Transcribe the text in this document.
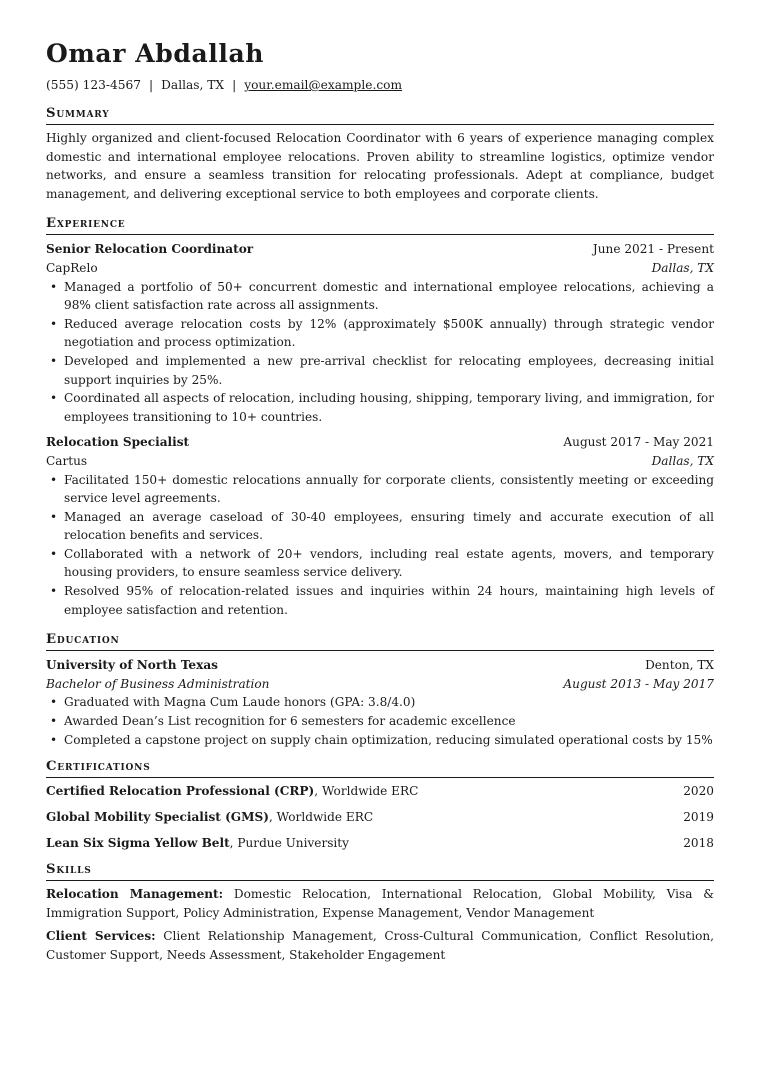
Omar Abdallah
(555) 123-4567 | Dallas, TX | your.email@example.com
Summary
Highly organized and client-focused Relocation Coordinator with 6 years of experience managing complex domestic and international employee relocations. Proven ability to streamline logistics, optimize vendor networks, and ensure a seamless transition for relocating professionals. Adept at compliance, budget management, and delivering exceptional service to both employees and corporate clients.
Experience
Senior Relocation Coordinator	June 2021 - Present
CapRelo	Dallas, TX
• Managed a portfolio of 50+ concurrent domestic and international employee relocations, achieving a 98% client satisfaction rate across all assignments.
• Reduced average relocation costs by 12% (approximately $500K annually) through strategic vendor negotiation and process optimization.
• Developed and implemented a new pre-arrival checklist for relocating employees, decreasing initial support inquiries by 25%.
• Coordinated all aspects of relocation, including housing, shipping, temporary living, and immigration, for employees transitioning to 10+ countries.
Relocation Specialist	August 2017 - May 2021
Cartus	Dallas, TX
• Facilitated 150+ domestic relocations annually for corporate clients, consistently meeting or exceeding service level agreements.
• Managed an average caseload of 30-40 employees, ensuring timely and accurate execution of all relocation benefits and services.
• Collaborated with a network of 20+ vendors, including real estate agents, movers, and temporary housing providers, to ensure seamless service delivery.
• Resolved 95% of relocation-related issues and inquiries within 24 hours, maintaining high levels of employee satisfaction and retention.
Education
University of North Texas	Denton, TX
Bachelor of Business Administration	August 2013 - May 2017
• Graduated with Magna Cum Laude honors (GPA: 3.8/4.0)
• Awarded Dean’s List recognition for 6 semesters for academic excellence
• Completed a capstone project on supply chain optimization, reducing simulated operational costs by 15%
Certifications
Certified Relocation Professional (CRP), Worldwide ERC	2020
Global Mobility Specialist (GMS), Worldwide ERC	2019
Lean Six Sigma Yellow Belt, Purdue University	2018
Skills
Relocation Management: Domestic Relocation, International Relocation, Global Mobility, Visa & Immigration Support, Policy Administration, Expense Management, Vendor Management
Client Services: Client Relationship Management, Cross-Cultural Communication, Conflict Resolution, Customer Support, Needs Assessment, Stakeholder Engagement
